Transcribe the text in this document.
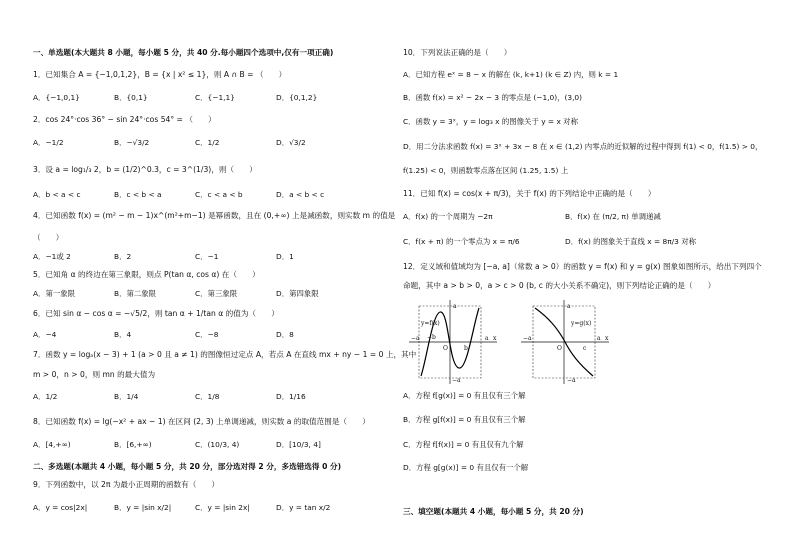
一、单选题(本大题共 8 小题，每小题 5 分，共 40 分.每小题四个选项中,仅有一项正确)
1．已知集合 A = {−1,0,1,2}，B = {x | x² ≤ 1}，则 A ∩ B = （　　）
A．{−1,0,1}	B．{0,1}	C．{−1,1}	D．{0,1,2}
2．cos 24°·cos 36° − sin 24°·cos 54° = （　　）
A．−1/2	B．−√3/2	C．1/2	D．√3/2
3．设 a = log₁/₃ 2，b = (1/2)^0.3，c = 3^(1/3)，则（　　）
A．b < a < c	B．c < b < a	C．c < a < b	D．a < b < c
4．已知函数 f(x) = (m² − m − 1)x^(m²+m−1) 是幂函数，且在 (0,+∞) 上是减函数，则实数 m 的值是
（　　）
A．−1或 2	B．2	C．−1	D．1
5．已知角 α 的终边在第三象限，则点 P(tan α, cos α) 在（　　）
A．第一象限	B．第二象限	C．第三象限	D．第四象限
6．已知 sin α − cos α = −√5/2，则 tan α + 1/tan α 的值为（　　）
A．−4	B．4	C．−8	D．8
7．函数 y = logₐ(x − 3) + 1 (a > 0 且 a ≠ 1) 的图像恒过定点 A，若点 A 在直线 mx + ny − 1 = 0 上，其中
m > 0，n > 0，则 mn 的最大值为
A．1/2	B．1/4	C．1/8	D．1/16
8．已知函数 f(x) = lg(−x² + ax − 1) 在区间 (2, 3) 上单调递减，则实数 a 的取值范围是（　　）
A．[4,+∞)	B．[6,+∞)	C．(10/3, 4)	D．[10/3, 4]
二、多选题(本题共 4 小题，每小题 5 分，共 20 分，部分选对得 2 分，多选错选得 0 分)
9．下列函数中，以 2π 为最小正周期的函数有（　　）
A．y = cos|2x|	B．y = |sin x/2|	C．y = |sin 2x|	D．y = tan x/2
10．下列说法正确的是（　　）
A．已知方程 eˣ = 8 − x 的解在 (k, k+1) (k ∈ Z) 内，则 k = 1
B．函数 f(x) = x² − 2x − 3 的零点是 (−1,0)，(3,0)
C．函数 y = 3ˣ，y = log₃ x 的图像关于 y = x 对称
D．用二分法求函数 f(x) = 3ˣ + 3x − 8 在 x ∈ (1,2) 内零点的近似解的过程中得到 f(1) < 0，f(1.5) > 0，
f(1.25) < 0，则函数零点落在区间 (1.25, 1.5) 上
11．已知 f(x) = cos(x + π/3)，关于 f(x) 的下列结论中正确的是（　　）
A．f(x) 的一个周期为 −2π	B．f(x) 在 (π/2, π) 单调递减
C．f(x + π) 的一个零点为 x = π/6	D．f(x) 的图象关于直线 x = 8π/3 对称
12．定义域和值域均为 [−a, a]（常数 a > 0）的函数 y = f(x) 和 y = g(x) 图象如图所示，给出下列四个
命题，其中 a > b > 0，a > c > 0 (b, c 的大小关系不确定)，则下列结论正确的是（　　）
a
O
a x
−a −b
b
−a
y=f(x)
a
O
a x
−a
c
−a
y=g(x)
A．方程 f[g(x)] = 0 有且仅有三个解
B．方程 g[f(x)] = 0 有且仅有三个解
C．方程 f[f(x)] = 0 有且仅有九个解
D．方程 g[g(x)] = 0 有且仅有一个解
三、填空题(本题共 4 小题，每小题 5 分，共 20 分)
